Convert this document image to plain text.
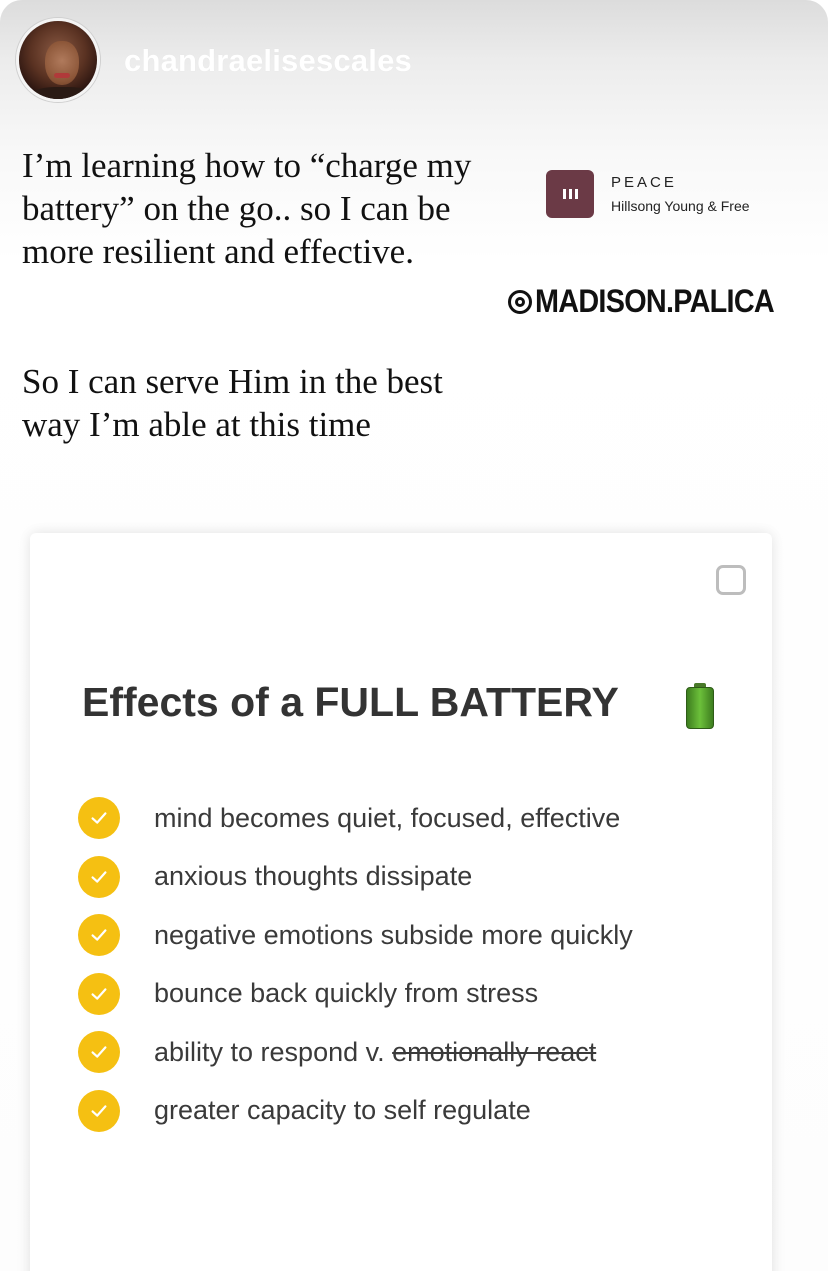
chandraelisescales
I’m learning how to “charge my battery” on the go.. so I can be more resilient and effective.
So I can serve Him in the best way I’m able at this time
PEACE
Hillsong Young & Free
MADISON.PALICA
Effects of a FULL BATTERY
mind becomes quiet, focused, effective
anxious thoughts dissipate
negative emotions subside more quickly
bounce back quickly from stress
ability to respond v. emotionally react
greater capacity to self regulate
